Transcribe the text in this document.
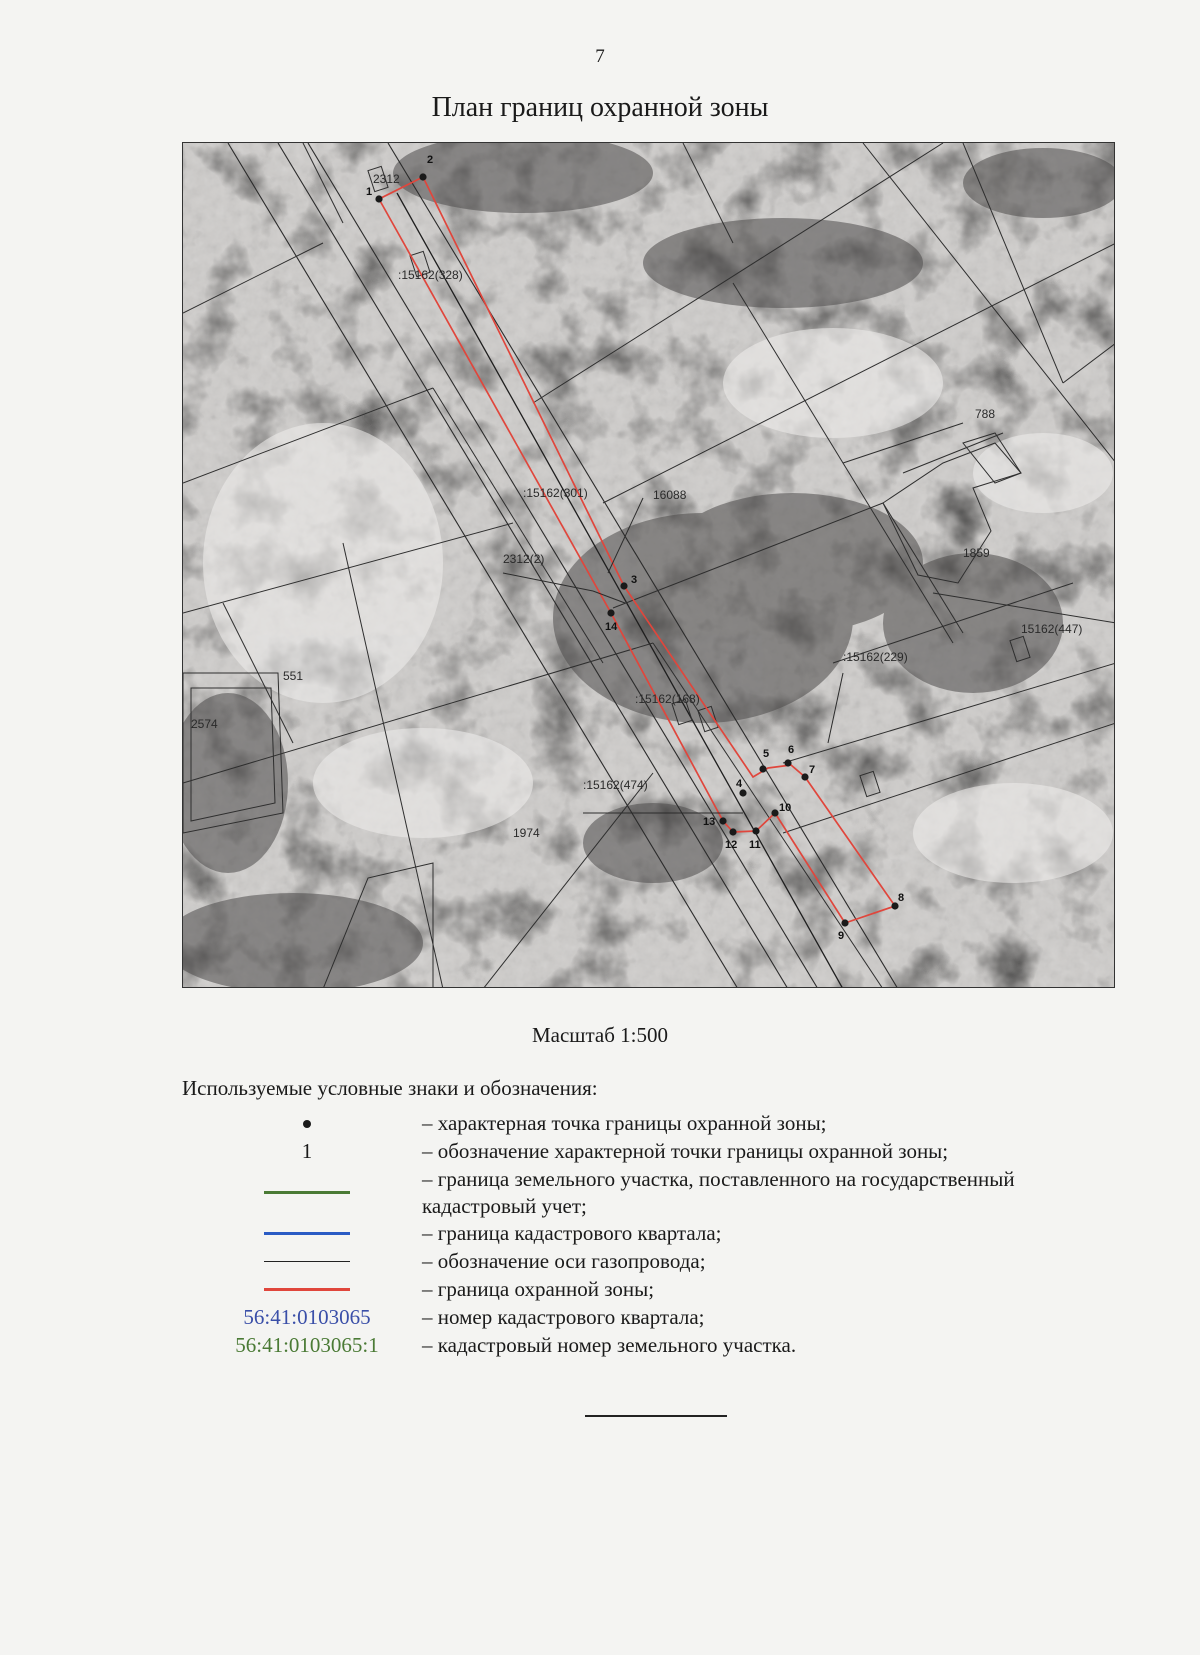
7
План границ охранной зоны
:15162(328)
:15162(301)	16088
2312(2)
:15162(168)
:15162(474)
:15162(229)
15162(447)
1859
788
551
2574
1974
2312
1
2
3
4
5 6
7
8
9
10
11
12
13
14
Масштаб 1:500
Используемые условные знаки и обозначения:
– характерная точка границы охранной зоны;
1	– обозначение характерной точки границы охранной зоны;
– граница земельного участка, поставленного на государственный кадастровый учет;
– граница кадастрового квартала;
– обозначение оси газопровода;
– граница охранной зоны;
56:41:0103065	– номер кадастрового квартала;
56:41:0103065:1	– кадастровый номер земельного участка.
